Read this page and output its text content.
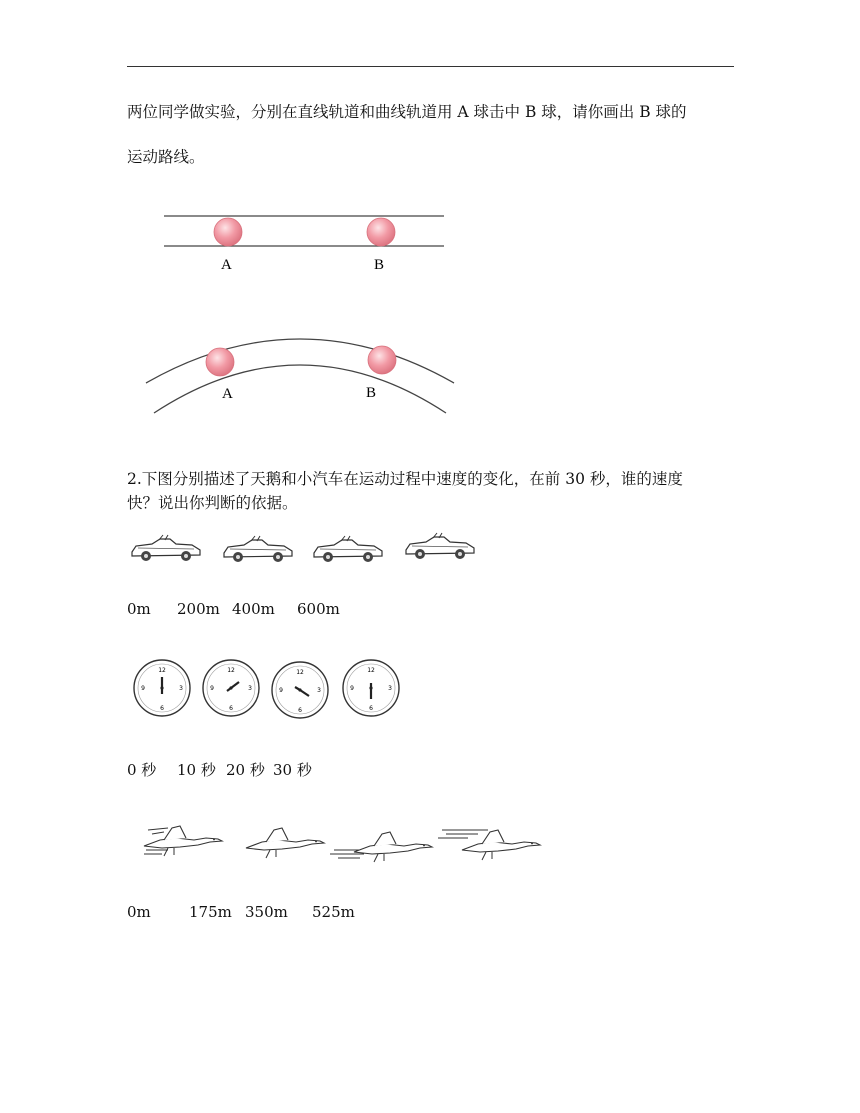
两位同学做实验，分别在直线轨道和曲线轨道用 A 球击中 B 球，请你画出 B 球的
运动路线。
A	B
A	B
2.下图分别描述了天鹅和小汽车在运动过程中速度的变化，在前 30 秒，谁的速度
快？说出你判断的依据。
0m 200m 400m 600m
12
3
6
9
0 秒 10 秒 20 秒 30 秒
0m	175m 350m 525m
